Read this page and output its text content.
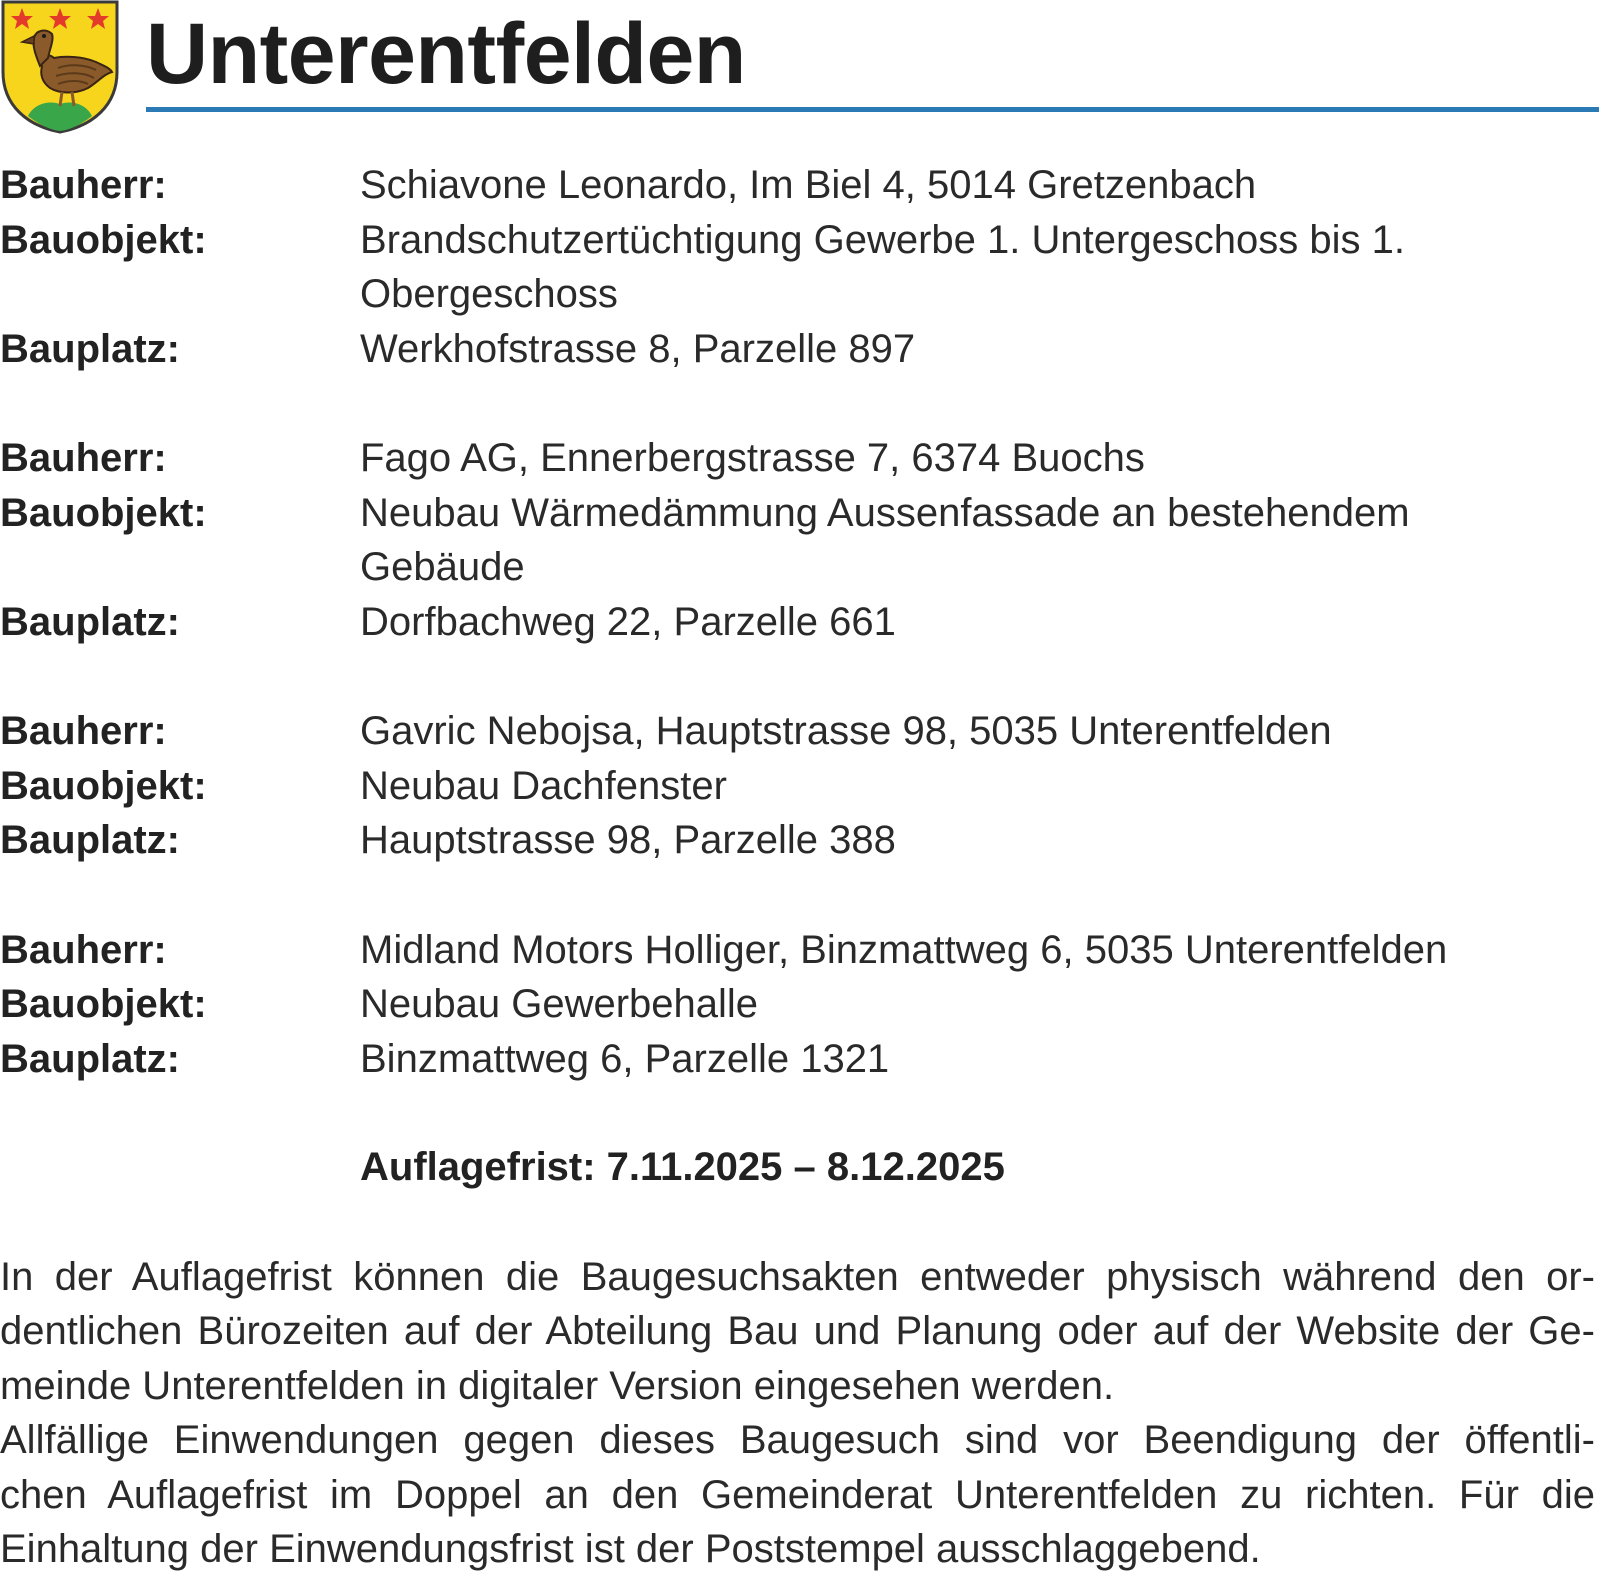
Unterentfelden
Bauherr:	Schiavone Leonardo, Im Biel 4, 5014 Gretzenbach
Bauobjekt:	Brandschutzertüchtigung Gewerbe 1. Untergeschoss bis 1. Obergeschoss
Bauplatz:	Werkhofstrasse 8, Parzelle 897
Bauherr:	Fago AG, Ennerbergstrasse 7, 6374 Buochs
Bauobjekt:	Neubau Wärmedämmung Aussenfassade an bestehendem Gebäude
Bauplatz:	Dorfbachweg 22, Parzelle 661
Bauherr:	Gavric Nebojsa, Hauptstrasse 98, 5035 Unterentfelden
Bauobjekt:	Neubau Dachfenster
Bauplatz:	Hauptstrasse 98, Parzelle 388
Bauherr:	Midland Motors Holliger, Binzmattweg 6, 5035 Unterentfelden
Bauobjekt:	Neubau Gewerbehalle
Bauplatz:	Binzmattweg 6, Parzelle 1321
Auflagefrist: 7.11.2025 – 8.12.2025

In der Auflagefrist können die Baugesuchsakten entweder physisch während den or-
dentlichen Bürozeiten auf der Abteilung Bau und Planung oder auf der Website der Ge-
meinde Unterentfelden in digitaler Version eingesehen werden.

Allfällige Einwendungen gegen dieses Baugesuch sind vor Beendigung der öffentli-
chen Auflagefrist im Doppel an den Gemeinderat Unterentfelden zu richten. Für die
Einhaltung der Einwendungsfrist ist der Poststempel ausschlaggebend.
